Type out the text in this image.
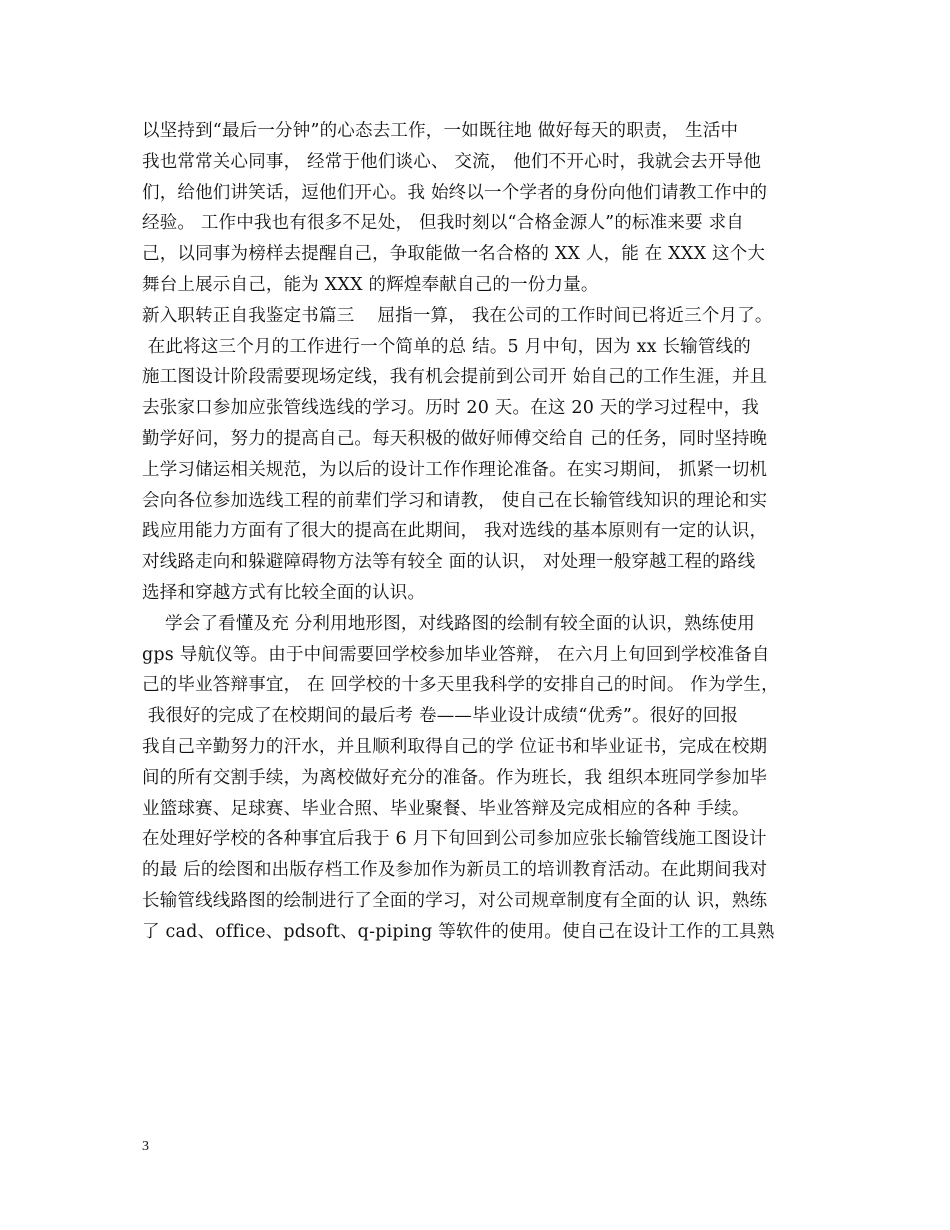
以坚持到“最后一分钟”的心态去工作，一如既往地 做好每天的职责， 生活中
我也常常关心同事， 经常于他们谈心、 交流， 他们不开心时，我就会去开导他
们，给他们讲笑话，逗他们开心。我 始终以一个学者的身份向他们请教工作中的
经验。 工作中我也有很多不足处， 但我时刻以“合格金源人”的标准来要 求自
己，以同事为榜样去提醒自己，争取能做一名合格的 XX 人，能 在 XXX 这个大
舞台上展示自己，能为 XXX 的辉煌奉献自己的一份力量。
新入职转正自我鉴定书篇三    屈指一算， 我在公司的工作时间已将近三个月了。
在此将这三个月的工作进行一个简单的总 结。5 月中旬，因为 xx 长输管线的
施工图设计阶段需要现场定线，我有机会提前到公司开 始自己的工作生涯，并且
去张家口参加应张管线选线的学习。历时 20 天。在这 20 天的学习过程中，我
勤学好问，努力的提高自己。每天积极的做好师傅交给自 己的任务，同时坚持晚
上学习储运相关规范，为以后的设计工作作理论准备。在实习期间， 抓紧一切机
会向各位参加选线工程的前辈们学习和请教， 使自己在长输管线知识的理论和实
践应用能力方面有了很大的提高在此期间， 我对选线的基本原则有一定的认识，
对线路走向和躲避障碍物方法等有较全 面的认识， 对处理一般穿越工程的路线
选择和穿越方式有比较全面的认识。
学会了看懂及充 分利用地形图，对线路图的绘制有较全面的认识，熟练使用
gps 导航仪等。由于中间需要回学校参加毕业答辩， 在六月上旬回到学校准备自
己的毕业答辩事宜， 在 回学校的十多天里我科学的安排自己的时间。 作为学生，
我很好的完成了在校期间的最后考 卷——毕业设计成绩“优秀”。很好的回报
我自己辛勤努力的汗水，并且顺利取得自己的学 位证书和毕业证书，完成在校期
间的所有交割手续，为离校做好充分的准备。作为班长，我 组织本班同学参加毕
业篮球赛、足球赛、毕业合照、毕业聚餐、毕业答辩及完成相应的各种 手续。
在处理好学校的各种事宜后我于 6 月下旬回到公司参加应张长输管线施工图设计
的最 后的绘图和出版存档工作及参加作为新员工的培训教育活动。在此期间我对
长输管线线路图的绘制进行了全面的学习，对公司规章制度有全面的认 识，熟练
了 cad、office、pdsoft、q-piping 等软件的使用。使自己在设计工作的工具熟
3
